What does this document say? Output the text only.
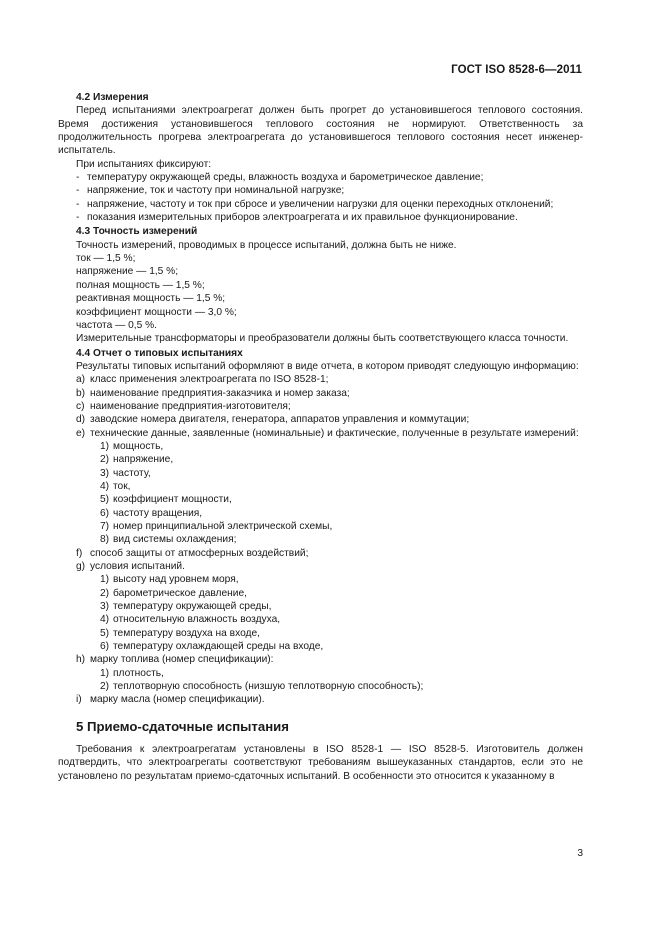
ГОСТ ISO 8528-6—2011
4.2 Измерения
Перед испытаниями электроагрегат должен быть прогрет до установившегося теплового состояния. Время достижения установившегося теплового состояния не нормируют. Ответственность за продолжительность прогрева электроагрегата до установившегося теплового состояния несет инженер-испытатель.
При испытаниях фиксируют:
- температуру окружающей среды, влажность воздуха и барометрическое давление;
- напряжение, ток и частоту при номинальной нагрузке;
- напряжение, частоту и ток при сбросе и увеличении нагрузки для оценки переходных отклонений;
- показания измерительных приборов электроагрегата и их правильное функционирование.
4.3 Точность измерений
Точность измерений, проводимых в процессе испытаний, должна быть не ниже.
ток — 1,5 %;
напряжение — 1,5 %;
полная мощность — 1,5 %;
реактивная мощность — 1,5 %;
коэффициент мощности — 3,0 %;
частота — 0,5 %.
Измерительные трансформаторы и преобразователи должны быть соответствующего класса точности.
4.4 Отчет о типовых испытаниях
Результаты типовых испытаний оформляют в виде отчета, в котором приводят следующую информацию:
a) класс применения электроагрегата по ISO 8528-1;
b) наименование предприятия-заказчика и номер заказа;
c) наименование предприятия-изготовителя;
d) заводские номера двигателя, генератора, аппаратов управления и коммутации;
e) технические данные, заявленные (номинальные) и фактические, полученные в результате измерений:
1) мощность,
2) напряжение,
3) частоту,
4) ток,
5) коэффициент мощности,
6) частоту вращения,
7) номер принципиальной электрической схемы,
8) вид системы охлаждения;
f) способ защиты от атмосферных воздействий;
g) условия испытаний.
1) высоту над уровнем моря,
2) барометрическое давление,
3) температуру окружающей среды,
4) относительную влажность воздуха,
5) температуру воздуха на входе,
6) температуру охлаждающей среды на входе,
h) марку топлива (номер спецификации):
1) плотность,
2) теплотворную способность (низшую теплотворную способность);
i) марку масла (номер спецификации).
5 Приемо-сдаточные испытания
Требования к электроагрегатам установлены в ISO 8528-1 — ISO 8528-5. Изготовитель должен подтвердить, что электроагрегаты соответствуют требованиям вышеуказанных стандартов, если это не установлено по результатам приемо-сдаточных испытаний. В особенности это относится к указанному в
3
